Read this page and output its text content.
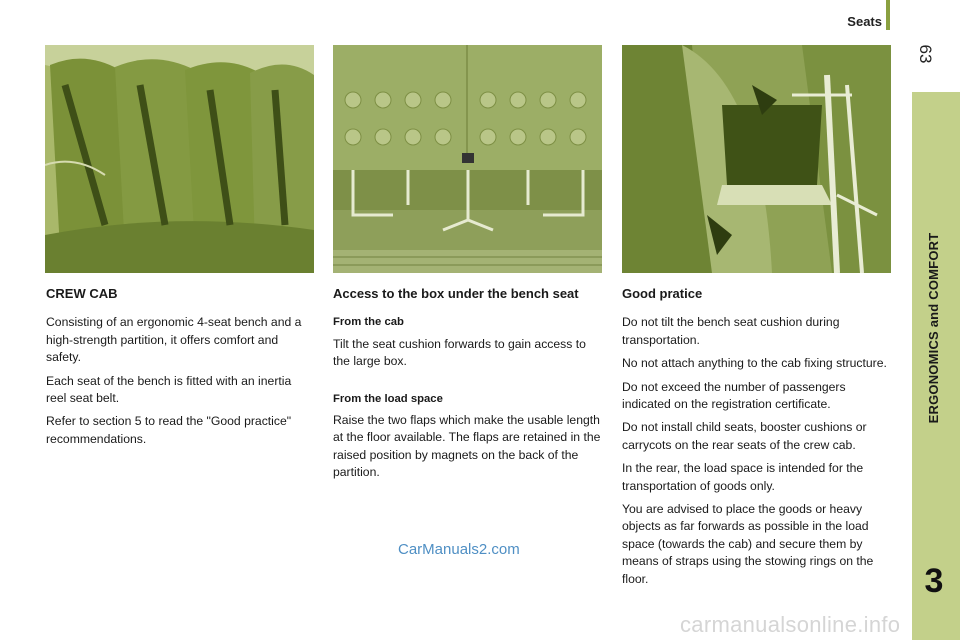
Seats
63
ERGONOMICS and COMFORT
3
CREW CAB

Consisting of an ergonomic 4-seat bench and a high-strength partition, it offers comfort and safety.

Each seat of the bench is fitted with an inertia reel seat belt.

Refer to section 5 to read the "Good practice" recommendations.

Access to the box under the bench seat
From the cab

Tilt the seat cushion forwards to gain access to the large box.

From the load space

Raise the two flaps which make the usable length at the floor available. The flaps are retained in the raised position by magnets on the back of the partition.

Good pratice

Do not tilt the bench seat cushion during transportation.

No not attach anything to the cab fixing structure.

Do not exceed the number of passengers indicated on the registration certificate.

Do not install child seats, booster cushions or carrycots on the rear seats of the crew cab.

In the rear, the load space is intended for the transportation of goods only.

You are advised to place the goods or heavy objects as far forwards as possible in the load space (towards the cab) and secure them by means of straps using the stowing rings on the floor.

CarManuals2.com
carmanualsonline.info
